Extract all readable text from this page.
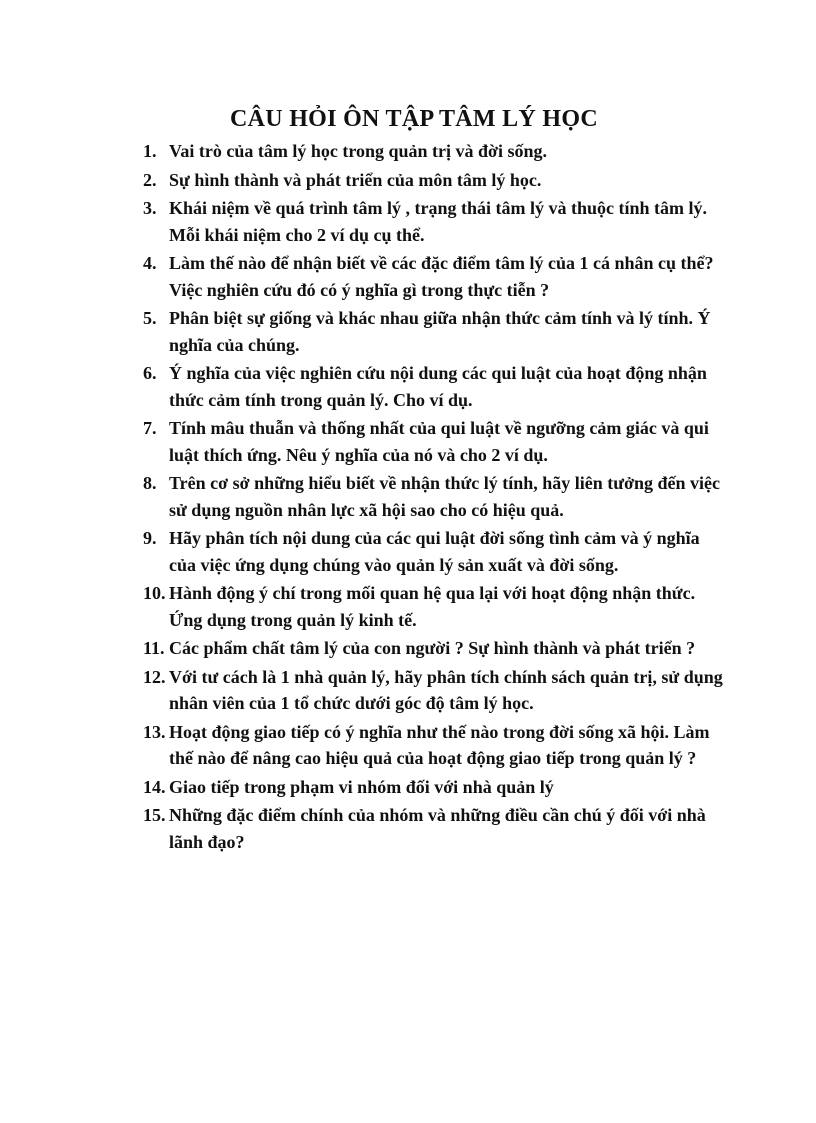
CÂU HỎI ÔN TẬP TÂM LÝ HỌC
1. Vai trò của tâm lý học trong quản trị và đời sống.
2. Sự hình thành và phát triển của môn tâm lý học.
3. Khái niệm về quá trình tâm lý , trạng thái tâm lý và thuộc tính tâm lý. Mỗi khái niệm cho 2 ví dụ cụ thể.
4. Làm thế nào để nhận biết về các đặc điểm tâm lý của 1 cá nhân cụ thể? Việc nghiên cứu đó có ý nghĩa gì trong thực tiễn ?
5. Phân biệt sự giống và khác nhau giữa nhận thức cảm tính và lý tính. Ý nghĩa của chúng.
6. Ý nghĩa của việc nghiên cứu nội dung các qui luật của hoạt động nhận thức cảm tính trong quản lý. Cho ví dụ.
7. Tính mâu thuẫn và thống nhất của qui luật về ngưỡng cảm giác và qui luật thích ứng. Nêu ý nghĩa của nó và cho 2 ví dụ.
8. Trên cơ sở những hiểu biết về nhận thức lý tính, hãy liên tưởng đến việc sử dụng nguồn nhân lực xã hội sao cho có hiệu quả.
9. Hãy phân tích nội dung của các qui luật đời sống tình cảm và ý nghĩa của việc ứng dụng chúng vào quản lý sản xuất và đời sống.
10. Hành động ý chí trong mối quan hệ qua lại với hoạt động nhận thức. Ứng dụng trong quản lý kinh tế.
11. Các phẩm chất tâm lý của con người ? Sự hình thành và phát triển ?
12. Với tư cách là 1 nhà quản lý, hãy phân tích chính sách quản trị, sử dụng nhân viên của 1 tổ chức dưới góc độ tâm lý học.
13. Hoạt động giao tiếp có ý nghĩa như thế nào trong đời sống xã hội. Làm thế nào để nâng cao hiệu quả của hoạt động giao tiếp trong quản lý ?
14. Giao tiếp trong phạm vi nhóm đối với nhà quản lý
15. Những đặc điểm chính của nhóm và những điều cần chú ý đối với nhà lãnh đạo?
